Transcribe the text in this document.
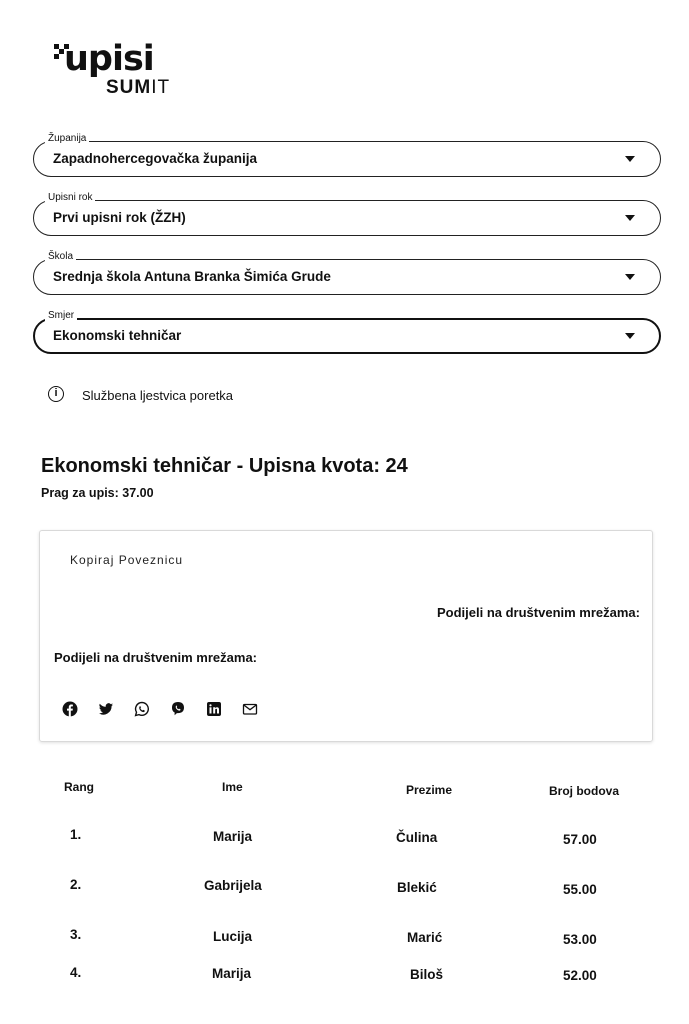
upisi
SUMIT
Županija
Zapadnohercegovačka županija
Upisni rok
Prvi upisni rok (ŽZH)
Škola
Srednja škola Antuna Branka Šimića Grude
Smjer
Ekonomski tehničar
i	Službena ljestvica poretka
Ekonomski tehničar - Upisna kvota: 24
Prag za upis: 37.00
Kopiraj Poveznicu
Podijeli na društvenim mrežama:
Podijeli na društvenim mrežama:
Rang	Ime	Prezime	Broj bodova
1.	Marija	Čulina	57.00
2.	Gabrijela	Blekić	55.00
3.	Lucija	Marić	53.00
4.	Marija	Biloš	52.00
